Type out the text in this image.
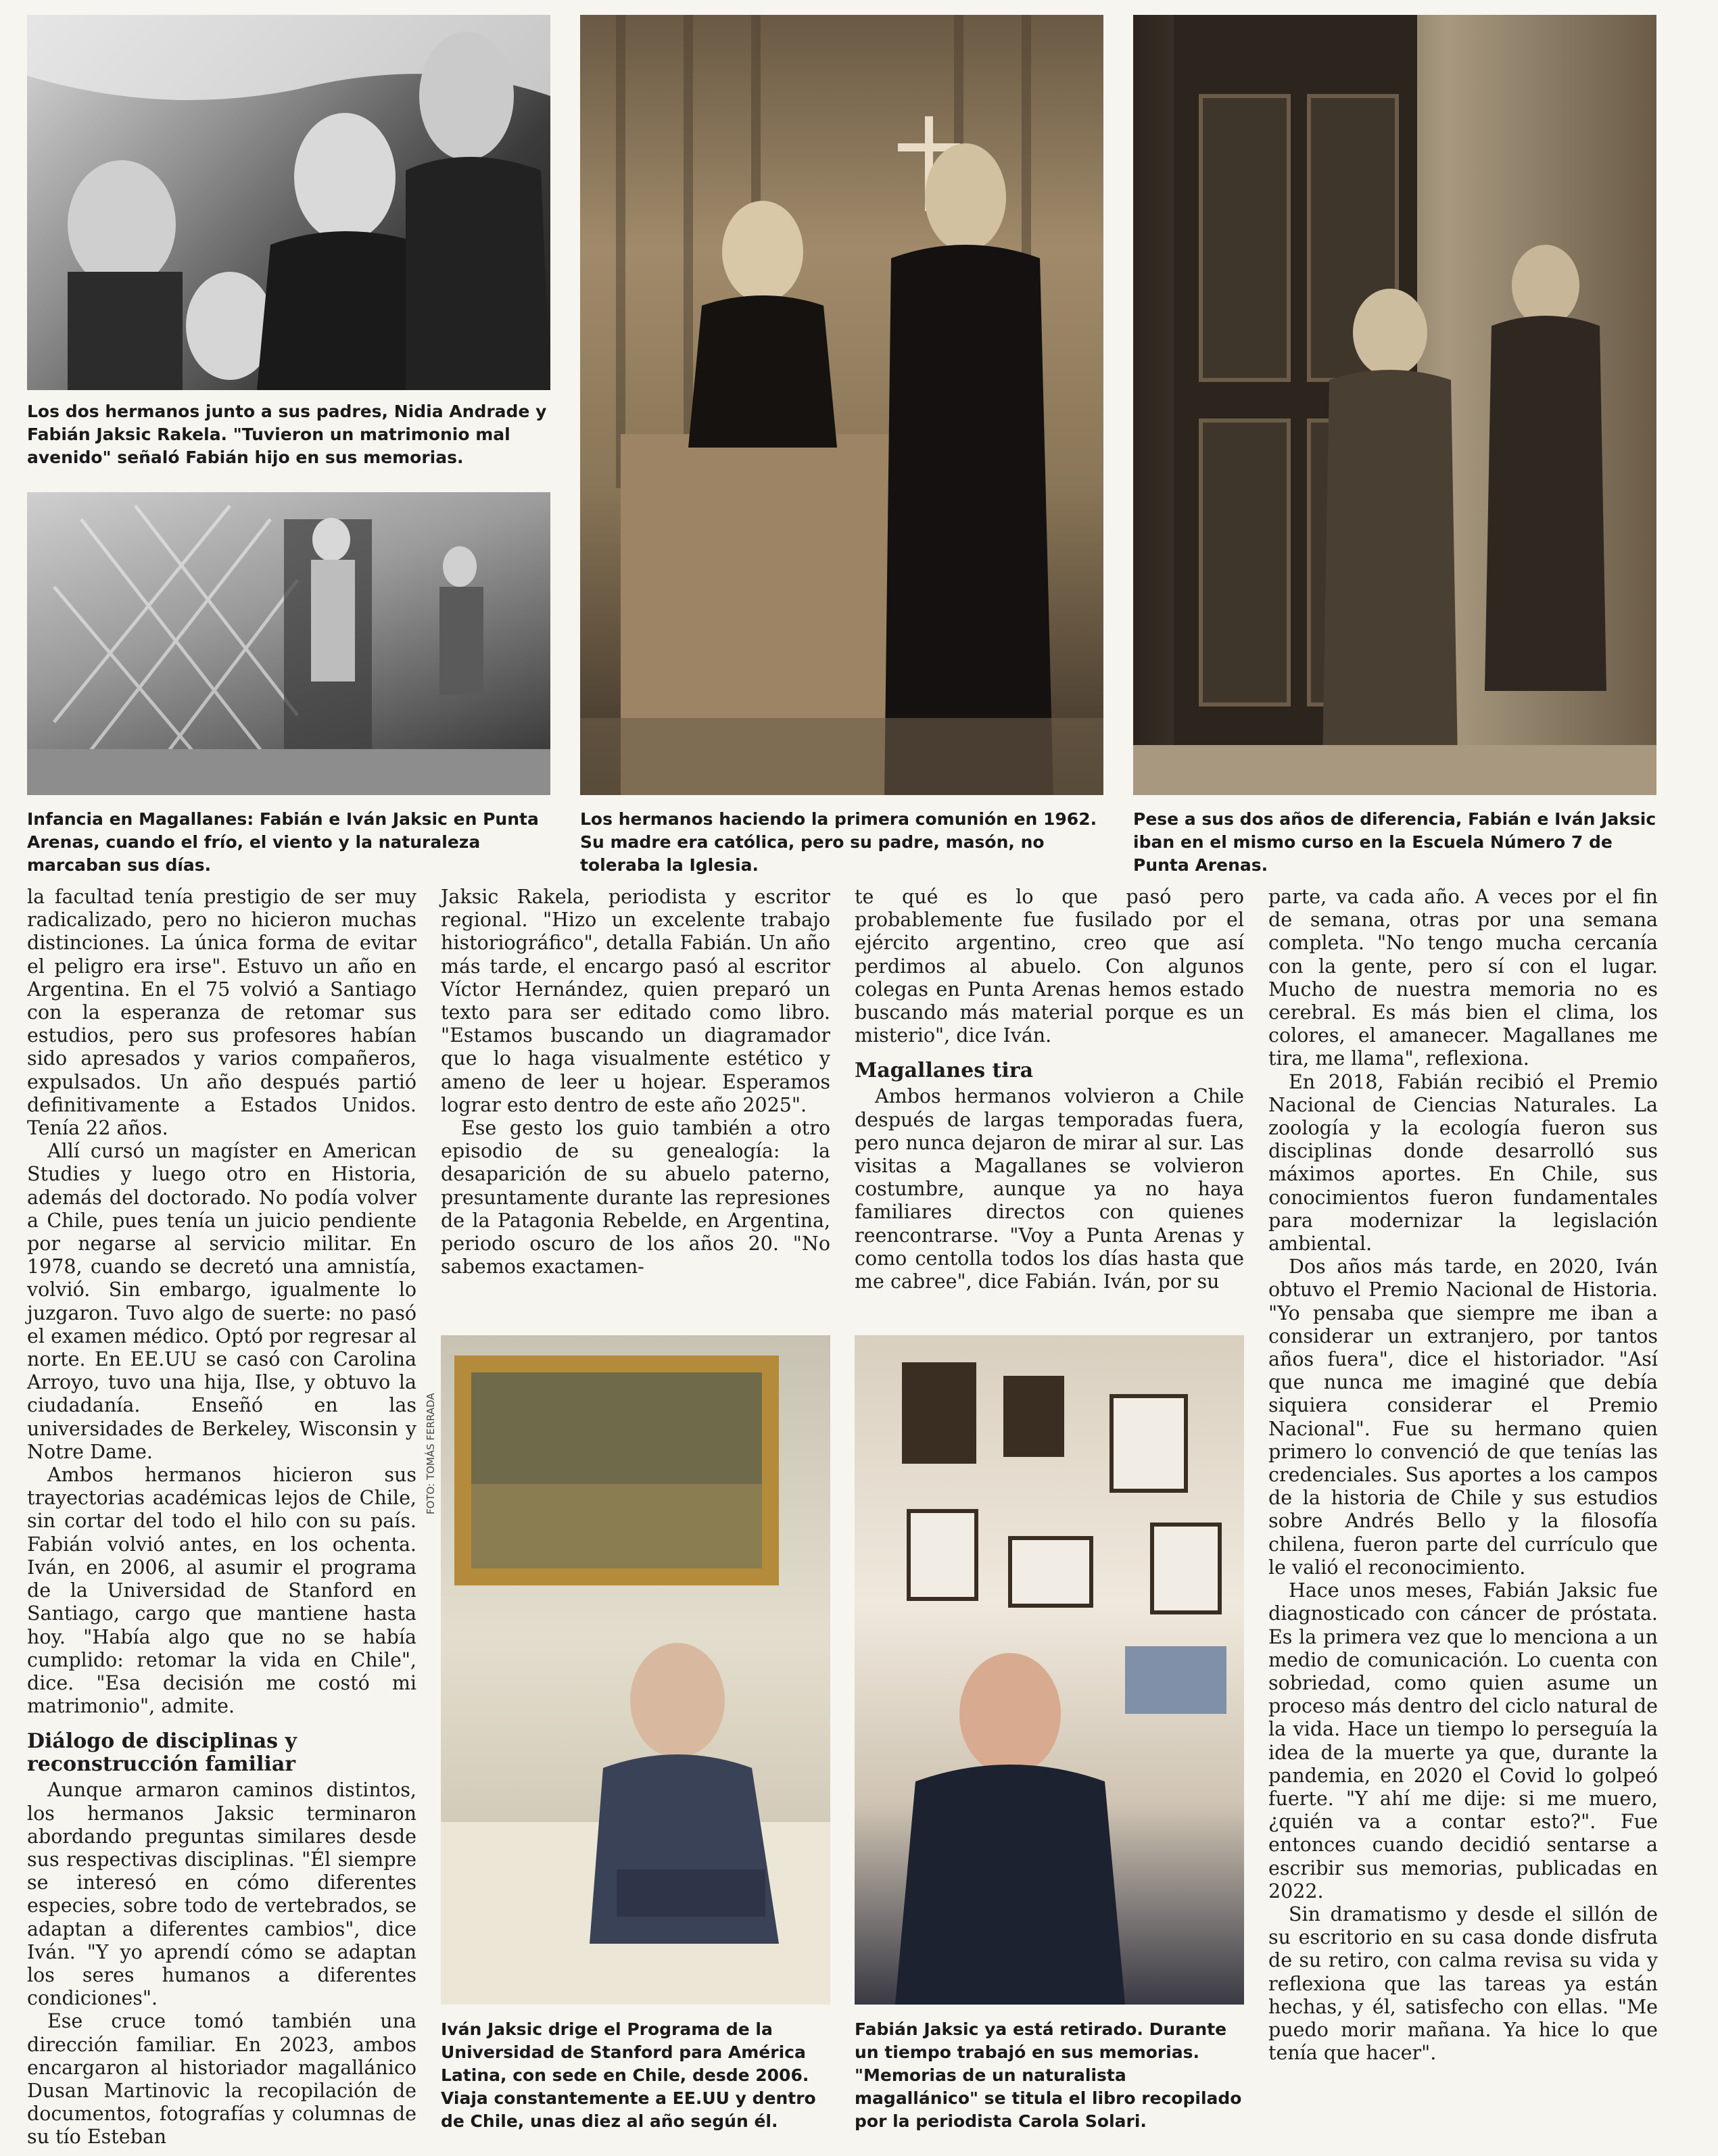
Los dos hermanos junto a sus padres, Nidia Andrade y Fabián Jaksic Rakela. "Tuvieron un matrimonio mal avenido" señaló Fabián hijo en sus memorias.
Infancia en Magallanes: Fabián e Iván Jaksic en Punta Arenas, cuando el frío, el viento y la naturaleza marcaban sus días.
Los hermanos haciendo la primera comunión en 1962. Su madre era católica, pero su padre, masón, no toleraba la Iglesia.
Pese a sus dos años de diferencia, Fabián e Iván Jaksic iban en el mismo curso en la Escuela Número 7 de Punta Arenas.

la facultad tenía prestigio de ser muy radicalizado, pero no hicieron muchas distinciones. La única forma de evitar el peligro era irse". Estuvo un año en Argentina. En el 75 volvió a Santiago con la esperanza de retomar sus estudios, pero sus profesores habían sido apresados y varios compañeros, expulsados. Un año después partió definitivamente a Estados Unidos. Tenía 22 años.

Allí cursó un magíster en American Studies y luego otro en Historia, además del doctorado. No podía volver a Chile, pues tenía un juicio pendiente por negarse al servicio militar. En 1978, cuando se decretó una amnistía, volvió. Sin embargo, igualmente lo juzgaron. Tuvo algo de suerte: no pasó el examen médico. Optó por regresar al norte. En EE.UU se casó con Carolina Arroyo, tuvo una hija, Ilse, y obtuvo la ciudadanía. Enseñó en las universidades de Berkeley, Wisconsin y Notre Dame.

Ambos hermanos hicieron sus trayectorias académicas lejos de Chile, sin cortar del todo el hilo con su país. Fabián volvió antes, en los ochenta. Iván, en 2006, al asumir el programa de la Universidad de Stanford en Santiago, cargo que mantiene hasta hoy. "Había algo que no se había cumplido: retomar la vida en Chile", dice. "Esa decisión me costó mi matrimonio", admite.

Diálogo de disciplinas y reconstrucción familiar

Aunque armaron caminos distintos, los hermanos Jaksic terminaron abordando preguntas similares desde sus respectivas disciplinas. "Él siempre se interesó en cómo diferentes especies, sobre todo de vertebrados, se adaptan a diferentes cambios", dice Iván. "Y yo aprendí cómo se adaptan los seres humanos a diferentes condiciones".

Ese cruce tomó también una dirección familiar. En 2023, ambos encargaron al historiador magallánico Dusan Martinovic la recopilación de documentos, fotografías y columnas de su tío Esteban

Jaksic Rakela, periodista y escritor regional. "Hizo un excelente trabajo historiográfico", detalla Fabián. Un año más tarde, el encargo pasó al escritor Víctor Hernández, quien preparó un texto para ser editado como libro. "Estamos buscando un diagramador que lo haga visualmente estético y ameno de leer u hojear. Esperamos lograr esto dentro de este año 2025".

Ese gesto los guio también a otro episodio de su genealogía: la desaparición de su abuelo paterno, presuntamente durante las represiones de la Patagonia Rebelde, en Argentina, periodo oscuro de los años 20. "No sabemos exactamen-

te qué es lo que pasó pero probablemente fue fusilado por el ejército argentino, creo que así perdimos al abuelo. Con algunos colegas en Punta Arenas hemos estado buscando más material porque es un misterio", dice Iván.

Magallanes tira

Ambos hermanos volvieron a Chile después de largas temporadas fuera, pero nunca dejaron de mirar al sur. Las visitas a Magallanes se volvieron costumbre, aunque ya no haya familiares directos con quienes reencontrarse. "Voy a Punta Arenas y como centolla todos los días hasta que me cabree", dice Fabián. Iván, por su

parte, va cada año. A veces por el fin de semana, otras por una semana completa. "No tengo mucha cercanía con la gente, pero sí con el lugar. Mucho de nuestra memoria no es cerebral. Es más bien el clima, los colores, el amanecer. Magallanes me tira, me llama", reflexiona.

En 2018, Fabián recibió el Premio Nacional de Ciencias Naturales. La zoología y la ecología fueron sus disciplinas donde desarrolló sus máximos aportes. En Chile, sus conocimientos fueron fundamentales para modernizar la legislación ambiental.

Dos años más tarde, en 2020, Iván obtuvo el Premio Nacional de Historia. "Yo pensaba que siempre me iban a considerar un extranjero, por tantos años fuera", dice el historiador. "Así que nunca me imaginé que debía siquiera considerar el Premio Nacional". Fue su hermano quien primero lo convenció de que tenías las credenciales. Sus aportes a los campos de la historia de Chile y sus estudios sobre Andrés Bello y la filosofía chilena, fueron parte del currículo que le valió el reconocimiento.

Hace unos meses, Fabián Jaksic fue diagnosticado con cáncer de próstata. Es la primera vez que lo menciona a un medio de comunicación. Lo cuenta con sobriedad, como quien asume un proceso más dentro del ciclo natural de la vida. Hace un tiempo lo perseguía la idea de la muerte ya que, durante la pandemia, en 2020 el Covid lo golpeó fuerte. "Y ahí me dije: si me muero, ¿quién va a contar esto?". Fue entonces cuando decidió sentarse a escribir sus memorias, publicadas en 2022.

Sin dramatismo y desde el sillón de su escritorio en su casa donde disfruta de su retiro, con calma revisa su vida y reflexiona que las tareas ya están hechas, y él, satisfecho con ellas. "Me puedo morir mañana. Ya hice lo que tenía que hacer".

FOTO: TOMÁS FERRADA
Iván Jaksic drige el Programa de la Universidad de Stanford para América Latina, con sede en Chile, desde 2006. Viaja constantemente a EE.UU y dentro de Chile, unas diez al año según él.
Fabián Jaksic ya está retirado. Durante un tiempo trabajó en sus memorias. "Memorias de un naturalista magallánico" se titula el libro recopilado por la periodista Carola Solari.
